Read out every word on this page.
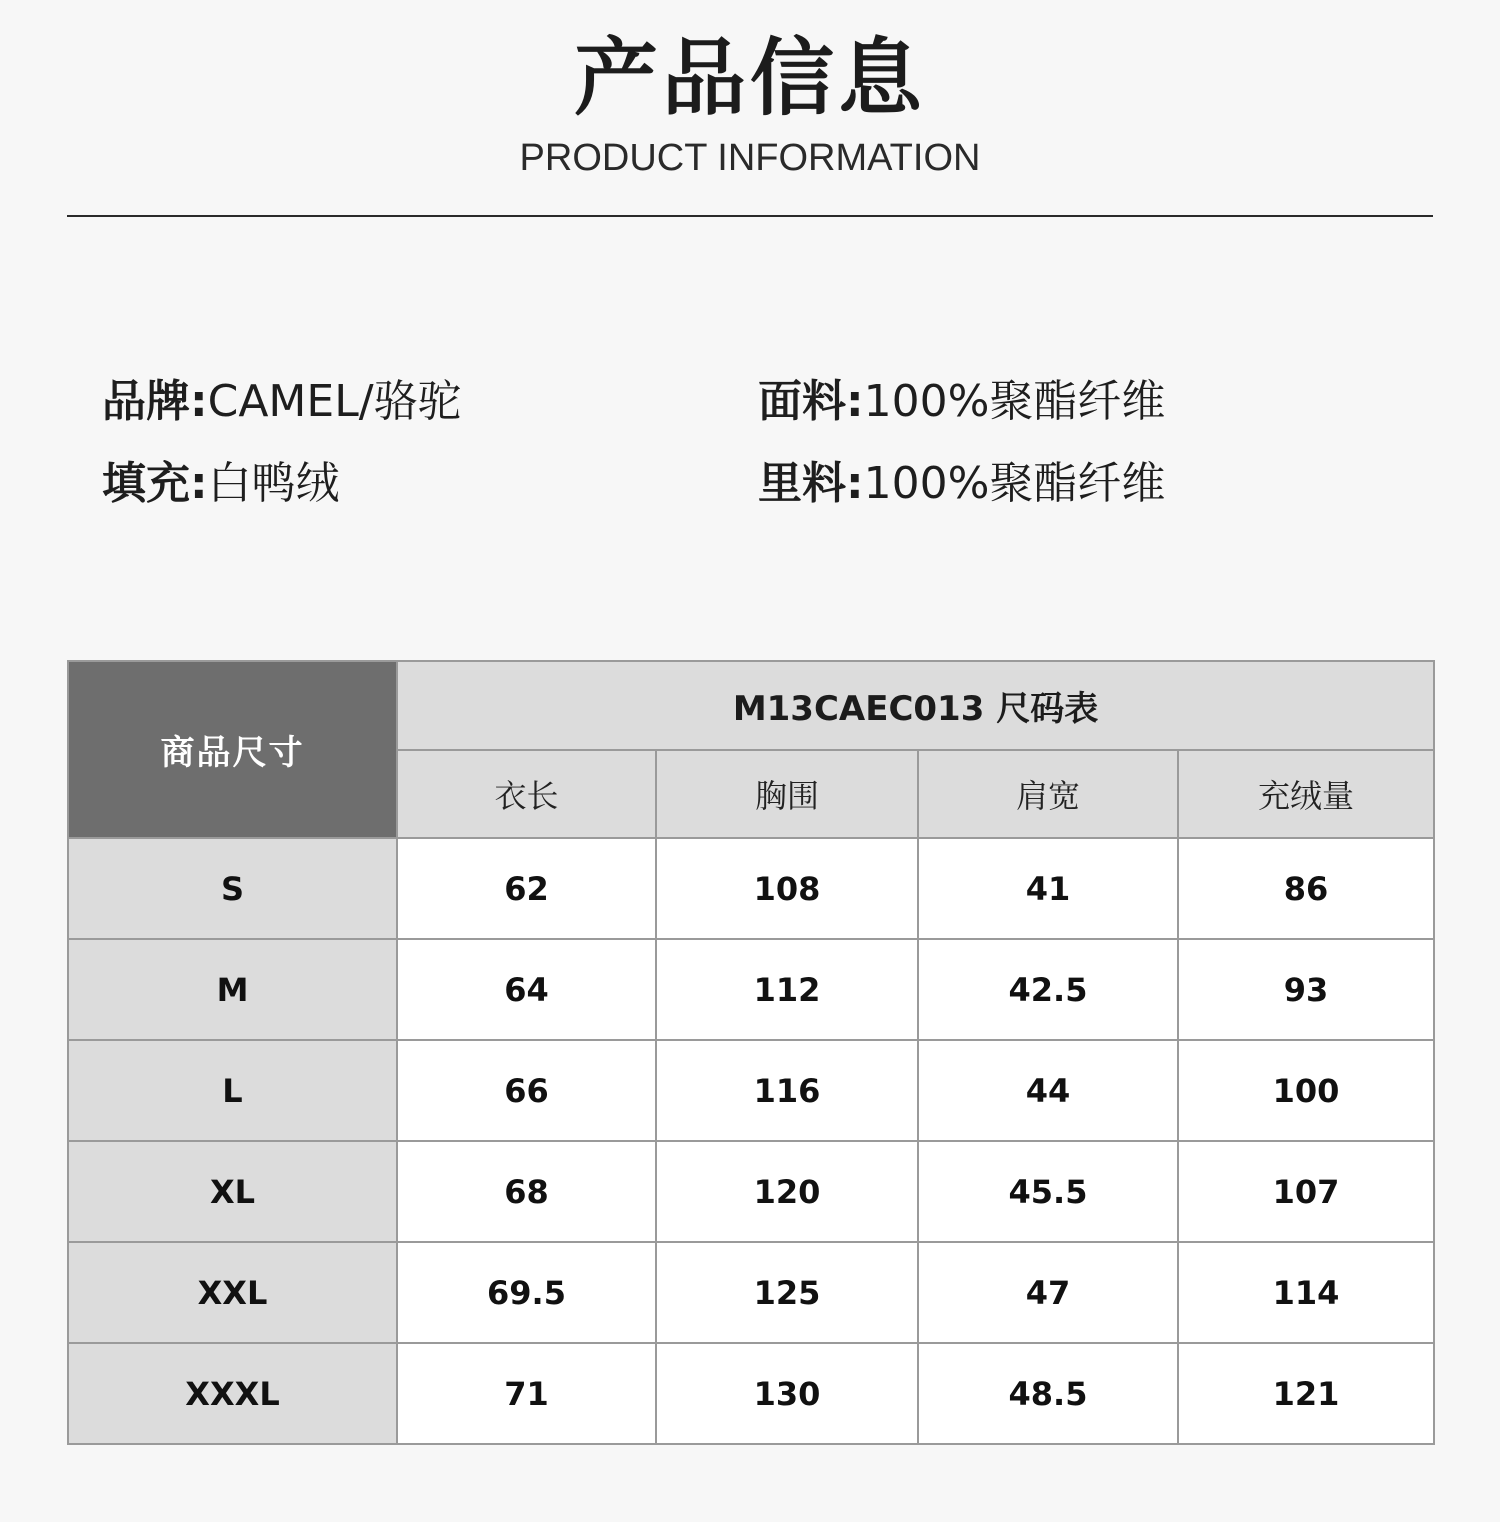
产品信息
PRODUCT INFORMATION
品牌:CAMEL/骆驼	面料:100%聚酯纤维
填充:白鸭绒	里料:100%聚酯纤维
商品尺寸	M13CAEC013 尺码表			
	衣长	胸围	肩宽	充绒量
S	62	108	41	86
M	64	112	42.5	93
L	66	116	44	100
XL	68	120	45.5	107
XXL	69.5	125	47	114
XXXL	71	130	48.5	121
